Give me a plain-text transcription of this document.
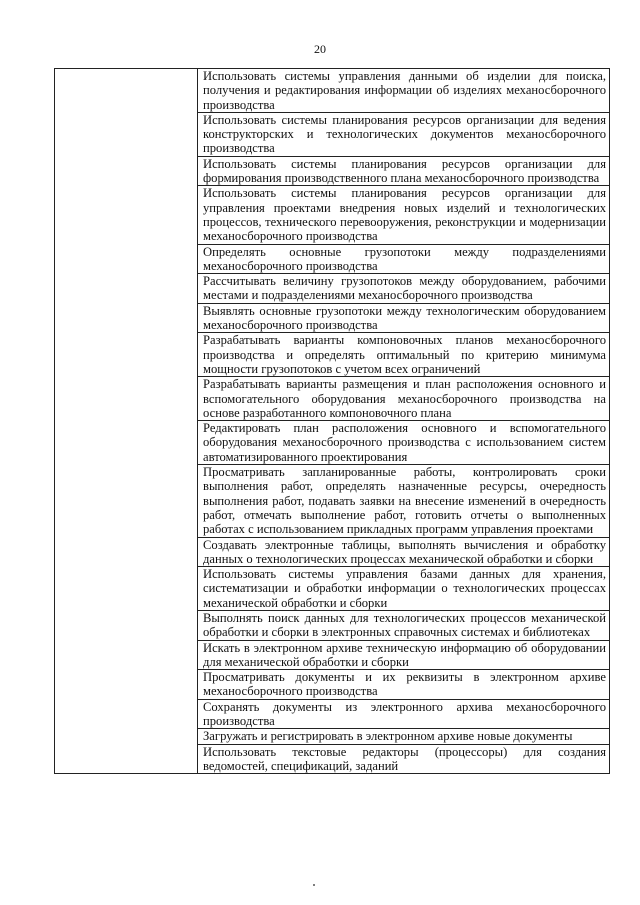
20

Использовать системы управления данными об изделии для поиска, получения и редактирования информации об изделиях механосборочного производства

Использовать системы планирования ресурсов организации для ведения конструкторских и технологических документов механосборочного производства

Использовать системы планирования ресурсов организации для формирования производственного плана механосборочного производства

Использовать системы планирования ресурсов организации для управления проектами внедрения новых изделий и технологических процессов, технического перевооружения, реконструкции и модернизации механосборочного производства

Определять основные грузопотоки между подразделениями механосборочного производства

Рассчитывать величину грузопотоков между оборудованием, рабочими местами и подразделениями механосборочного производства

Выявлять основные грузопотоки между технологическим оборудованием механосборочного производства

Разрабатывать варианты компоновочных планов механосборочного производства и определять оптимальный по критерию минимума мощности грузопотоков с учетом всех ограничений

Разрабатывать варианты размещения и план расположения основного и вспомогательного оборудования механосборочного производства на основе разработанного компоновочного плана

Редактировать план расположения основного и вспомогательного оборудования механосборочного производства с использованием систем автоматизированного проектирования

Просматривать запланированные работы, контролировать сроки выполнения работ, определять назначенные ресурсы, очередность выполнения работ, подавать заявки на внесение изменений в очередность работ, отмечать выполнение работ, готовить отчеты о выполненных работах с использованием прикладных программ управления проектами

Создавать электронные таблицы, выполнять вычисления и обработку данных о технологических процессах механической обработки и сборки

Использовать системы управления базами данных для хранения, систематизации и обработки информации о технологических процессах механической обработки и сборки

Выполнять поиск данных для технологических процессов механической обработки и сборки в электронных справочных системах и библиотеках

Искать в электронном архиве техническую информацию об оборудовании для механической обработки и сборки

Просматривать документы и их реквизиты в электронном архиве механосборочного производства

Сохранять документы из электронного архива механосборочного производства

Загружать и регистрировать в электронном архиве новые документы

Использовать текстовые редакторы (процессоры) для создания ведомостей, спецификаций, заданий
